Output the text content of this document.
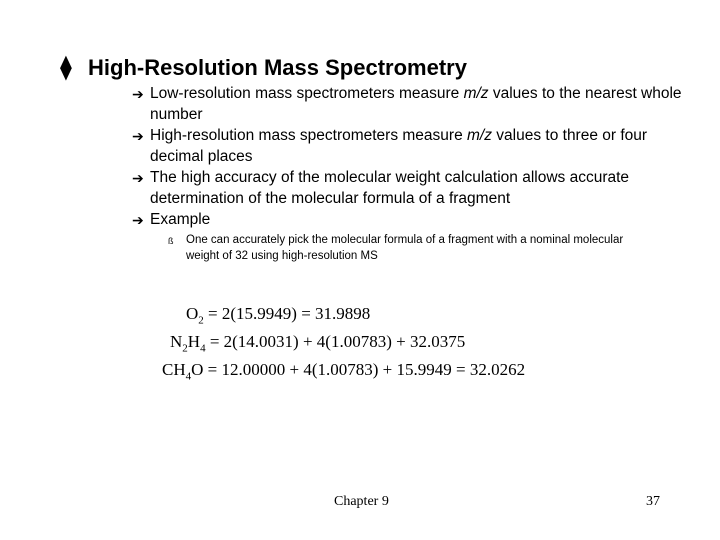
⧫ High-Resolution Mass Spectrometry
➔ Low-resolution mass spectrometers measure m/z values to the nearest whole number
➔ High-resolution mass spectrometers measure m/z values to three or four decimal places
➔ The high accuracy of the molecular weight calculation allows accurate determination of the molecular formula of a fragment
➔ Example
ß	One can accurately pick the molecular formula of a fragment with a nominal molecular weight of 32 using high-resolution MS
$O_2 = 2(15.9949) = 31.9898$
$N_2H_4 = 2(14.0031) + 4(1.00783) + 32.0375$
$CH_4O = 12.00000 + 4(1.00783) + 15.9949 = 32.0262$
Chapter 9	37
